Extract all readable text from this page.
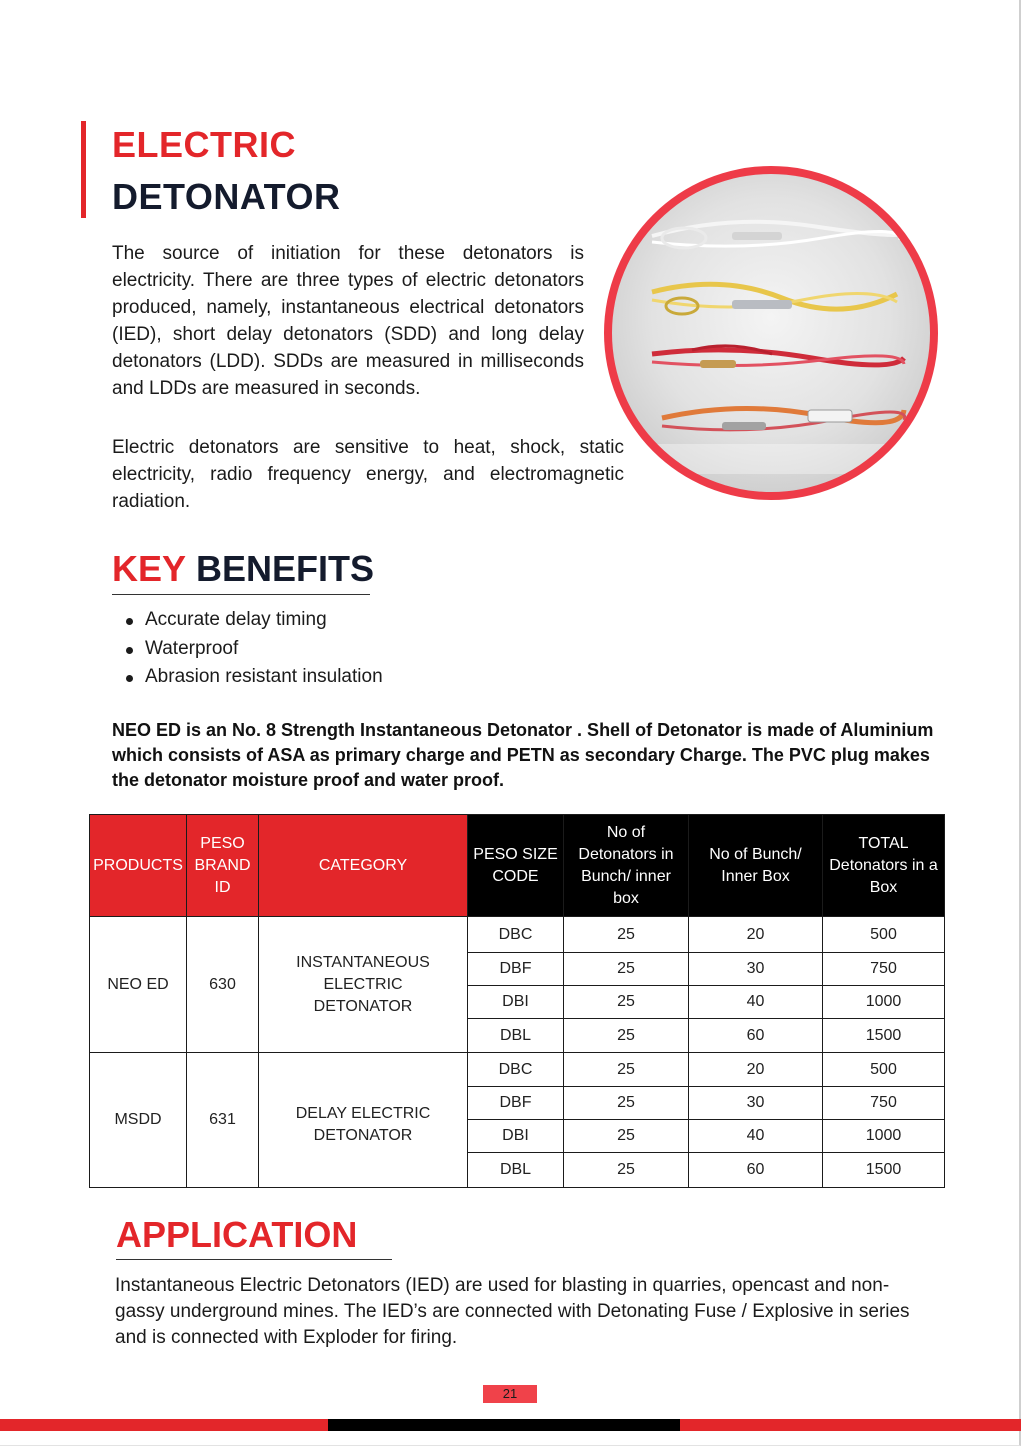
ELECTRIC
DETONATOR

The source of initiation for these detonators is electricity. There are three types of electric detonators produced, namely, instantaneous electrical detonators (IED), short delay detonators (SDD) and long delay detonators (LDD). SDDs are measured in milliseconds and LDDs are measured in seconds.

Electric detonators are sensitive to heat, shock, static electricity, radio frequency energy, and electromagnetic radiation.

KEY BENEFITS
Accurate delay timing
Waterproof
Abrasion resistant insulation

NEO ED is an No. 8 Strength Instantaneous Detonator . Shell of Detonator is made of Aluminium which consists of ASA as primary charge and PETN as secondary Charge. The PVC plug makes the detonator moisture proof and water proof.

PRODUCTS	PESO BRAND ID	CATEGORY	PESO SIZE CODE	No of Detonators in Bunch/ inner box	No of Bunch/ Inner Box	TOTAL Detonators in a Box
NEO ED	630	INSTANTANEOUS ELECTRIC DETONATOR	DBC	25	20	500
			DBF	25	30	750
			DBI	25	40	1000
			DBL	25	60	1500
MSDD	631	DELAY ELECTRIC DETONATOR	DBC	25	20	500
			DBF	25	30	750
			DBI	25	40	1000
			DBL	25	60	1500
APPLICATION

Instantaneous Electric Detonators (IED) are used for blasting in quarries, opencast and non-gassy underground mines. The IED’s are connected with Detonating Fuse / Explosive in series and is connected with Exploder for firing.

21
